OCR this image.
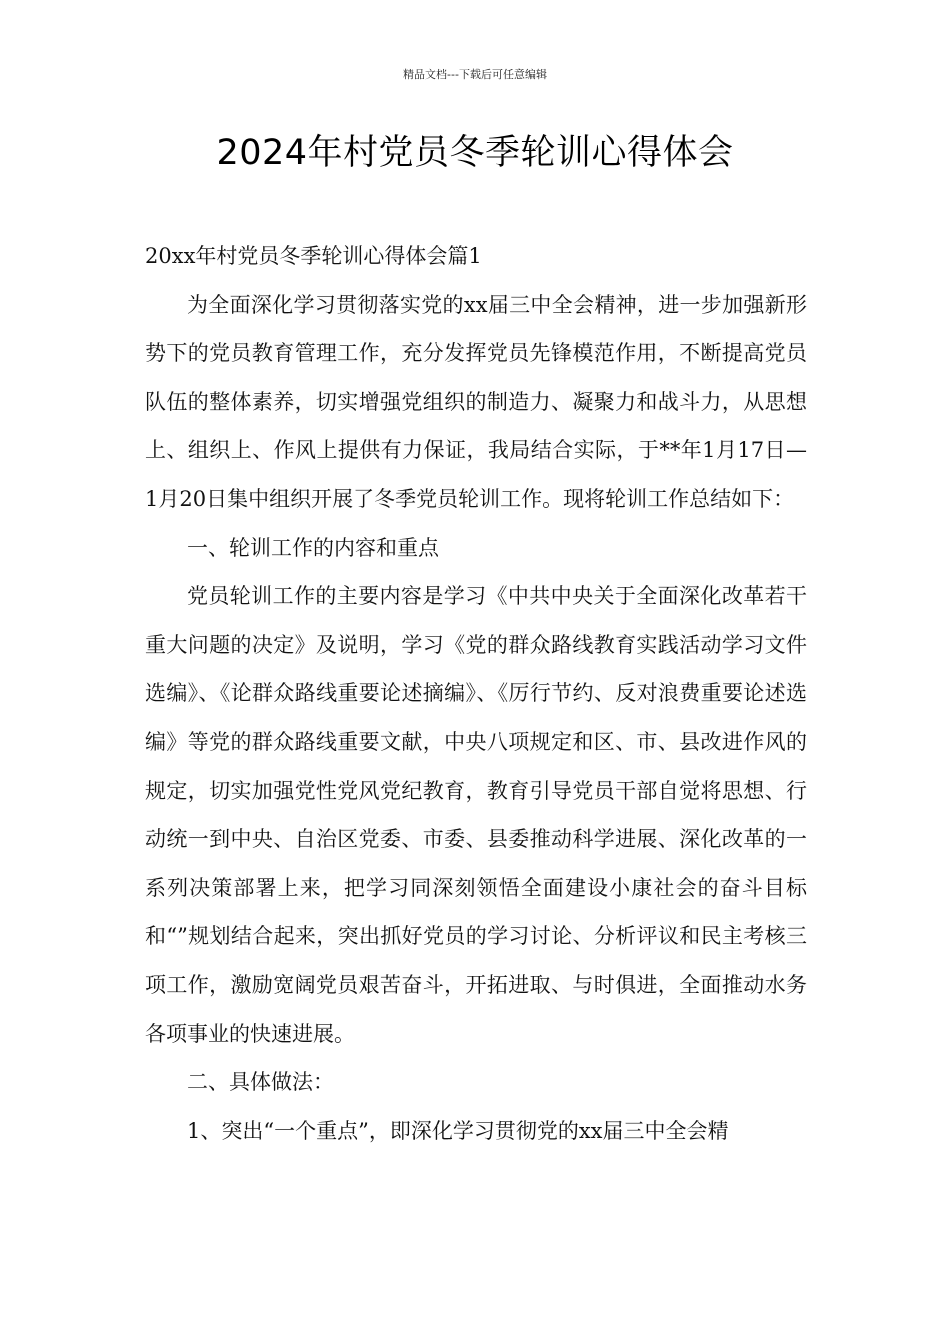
精品文档---下载后可任意编辑
2024年村党员冬季轮训心得体会

20xx年村党员冬季轮训心得体会篇1

为全面深化学习贯彻落实党的xx届三中全会精神，进一步加强新形势下的党员教育管理工作，充分发挥党员先锋模范作用，不断提高党员队伍的整体素养，切实增强党组织的制造力、凝聚力和战斗力，从思想上、组织上、作风上提供有力保证，我局结合实际，于**年1月17日—1月20日集中组织开展了冬季党员轮训工作。现将轮训工作总结如下：

一、轮训工作的内容和重点

党员轮训工作的主要内容是学习《中共中央关于全面深化改革若干重大问题的决定》及说明，学习《党的群众路线教育实践活动学习文件选编》、《论群众路线重要论述摘编》、《厉行节约、反对浪费重要论述选编》等党的群众路线重要文献，中央八项规定和区、市、县改进作风的规定，切实加强党性党风党纪教育，教育引导党员干部自觉将思想、行动统一到中央、自治区党委、市委、县委推动科学进展、深化改革的一系列决策部署上来，把学习同深刻领悟全面建设小康社会的奋斗目标和“”规划结合起来，突出抓好党员的学习讨论、分析评议和民主考核三项工作，激励宽阔党员艰苦奋斗，开拓进取、与时俱进，全面推动水务各项事业的快速进展。

二、具体做法：

1、突出“一个重点”，即深化学习贯彻党的xx届三中全会精
